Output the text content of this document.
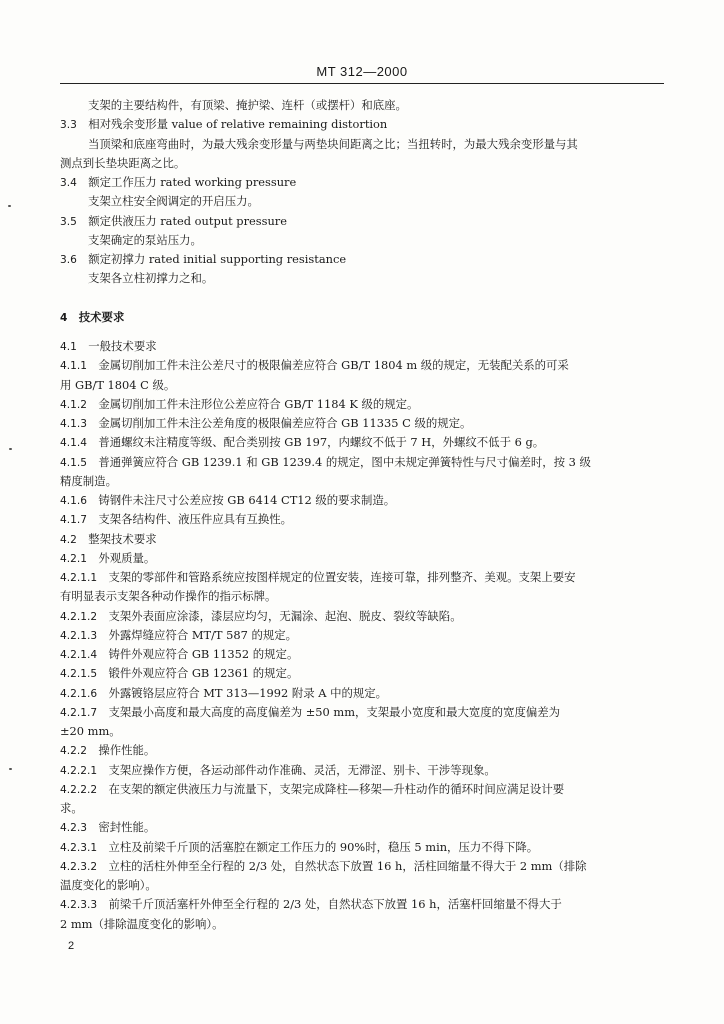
MT 312—2000
支架的主要结构件，有顶梁、掩护梁、连杆（或摆杆）和底座。
3.3  相对残余变形量 value of relative remaining distortion
当顶梁和底座弯曲时，为最大残余变形量与两垫块间距离之比；当扭转时，为最大残余变形量与其
测点到长垫块距离之比。
3.4  额定工作压力 rated working pressure
支架立柱安全阀调定的开启压力。
3.5  额定供液压力 rated output pressure
支架确定的泵站压力。
3.6  额定初撑力 rated initial supporting resistance
支架各立柱初撑力之和。
4  技术要求
4.1  一般技术要求
4.1.1  金属切削加工件未注公差尺寸的极限偏差应符合 GB/T 1804 m 级的规定，无装配关系的可采
用 GB/T 1804 C 级。
4.1.2  金属切削加工件未注形位公差应符合 GB/T 1184 K 级的规定。
4.1.3  金属切削加工件未注公差角度的极限偏差应符合 GB 11335 C 级的规定。
4.1.4  普通螺纹未注精度等级、配合类别按 GB 197，内螺纹不低于 7 H，外螺纹不低于 6 g。
4.1.5  普通弹簧应符合 GB 1239.1 和 GB 1239.4 的规定，图中未规定弹簧特性与尺寸偏差时，按 3 级
精度制造。
4.1.6  铸钢件未注尺寸公差应按 GB 6414 CT12 级的要求制造。
4.1.7  支架各结构件、液压件应具有互换性。
4.2  整架技术要求
4.2.1  外观质量。
4.2.1.1  支架的零部件和管路系统应按图样规定的位置安装，连接可靠，排列整齐、美观。支架上要安
有明显表示支架各种动作操作的指示标牌。
4.2.1.2  支架外表面应涂漆，漆层应均匀，无漏涂、起泡、脱皮、裂纹等缺陷。
4.2.1.3  外露焊缝应符合 MT/T 587 的规定。
4.2.1.4  铸件外观应符合 GB 11352 的规定。
4.2.1.5  锻件外观应符合 GB 12361 的规定。
4.2.1.6  外露镀铬层应符合 MT 313—1992 附录 A 中的规定。
4.2.1.7  支架最小高度和最大高度的高度偏差为 ±50 mm，支架最小宽度和最大宽度的宽度偏差为
±20 mm。
4.2.2  操作性能。
4.2.2.1  支架应操作方便，各运动部件动作准确、灵活，无滞涩、别卡、干涉等现象。
4.2.2.2  在支架的额定供液压力与流量下，支架完成降柱—移架—升柱动作的循环时间应满足设计要
求。
4.2.3  密封性能。
4.2.3.1  立柱及前梁千斤顶的活塞腔在额定工作压力的 90%时，稳压 5 min，压力不得下降。
4.2.3.2  立柱的活柱外伸至全行程的 2/3 处，自然状态下放置 16 h，活柱回缩量不得大于 2 mm（排除
温度变化的影响）。
4.2.3.3  前梁千斤顶活塞杆外伸至全行程的 2/3 处，自然状态下放置 16 h，活塞杆回缩量不得大于
2 mm（排除温度变化的影响）。
2
